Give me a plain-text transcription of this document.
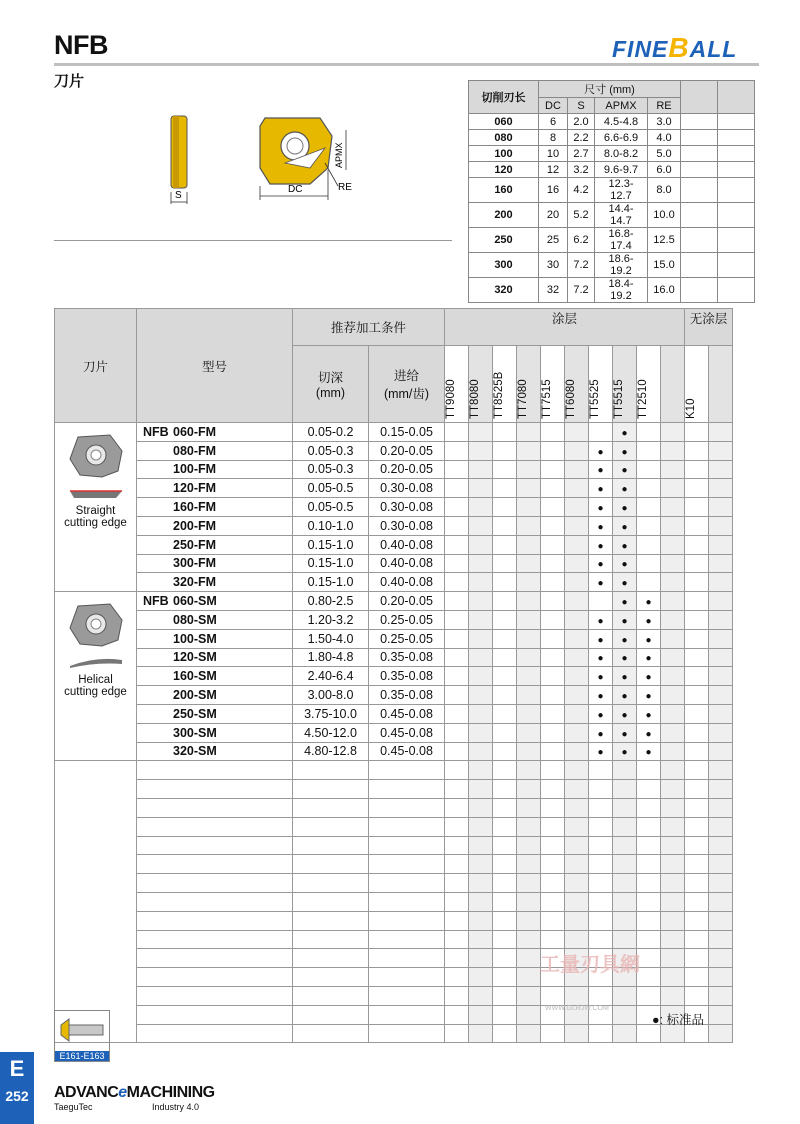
NFB
刀片
FINEBALL
S
DC
APMX
RE
切削刃长	尺寸 (mm)					
	DC	S	APMX	RE		
060	6	2.0	4.5-4.8	3.0		
080	8	2.2	6.6-6.9	4.0		
100	10	2.7	8.0-8.2	5.0		
120	12	3.2	9.6-9.7	6.0		
160	16	4.2	12.3-12.7	8.0		
200	20	5.2	14.4-14.7	10.0		
250	25	6.2	16.8-17.4	12.5		
300	30	7.2	18.6-19.2	15.0		
320	32	7.2	18.4-19.2	16.0		
刀片	型号	推荐加工条件		涂层										无涂层	
		切深
(mm)	进给
(mm/齿)	TT9080	TT8080	TT8525B	TT7080	TT7515	TT6080	TT5525	TT5515	TT2510		K10	

Straight
cutting edge	NFB 060-FM	0.05-0.2	0.15-0.05								●				
	080-FM	0.05-0.3	0.20-0.05							●	●				
	100-FM	0.05-0.3	0.20-0.05							●	●				
	120-FM	0.05-0.5	0.30-0.08							●	●				
	160-FM	0.05-0.5	0.30-0.08							●	●				
	200-FM	0.10-1.0	0.30-0.08							●	●				
	250-FM	0.15-1.0	0.40-0.08							●	●				
	300-FM	0.15-1.0	0.40-0.08							●	●				
	320-FM	0.15-1.0	0.40-0.08							●	●				

Helical
cutting edge	NFB 060-SM	0.80-2.5	0.20-0.05								●	●			
	080-SM	1.20-3.2	0.25-0.05							●	●	●			
	100-SM	1.50-4.0	0.25-0.05							●	●	●			
	120-SM	1.80-4.8	0.35-0.08							●	●	●			
	160-SM	2.40-6.4	0.35-0.08							●	●	●			
	200-SM	3.00-8.0	0.35-0.08							●	●	●			
	250-SM	3.75-10.0	0.45-0.08							●	●	●			
	300-SM	4.50-12.0	0.45-0.08							●	●	●			
	320-SM	4.80-12.8	0.45-0.08							●	●	●			

工量刃具網
WWW.GLRJW.COM
●: 标准品
E161-E163
E
252	ADVANCeMACHINING
TaeguTec	Industry 4.0
